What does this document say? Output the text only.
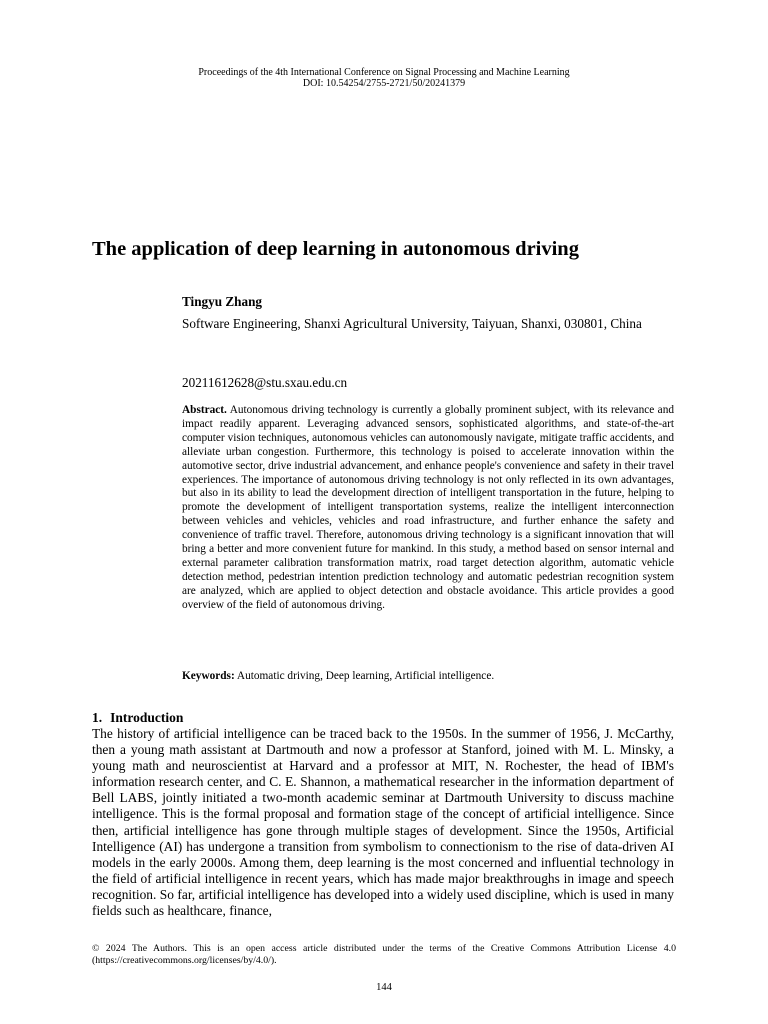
Proceedings of the 4th International Conference on Signal Processing and Machine Learning
DOI: 10.54254/2755-2721/50/20241379
The application of deep learning in autonomous driving

Tingyu Zhang

Software Engineering, Shanxi Agricultural University, Taiyuan, Shanxi, 030801, China

20211612628@stu.sxau.edu.cn

Abstract. Autonomous driving technology is currently a globally prominent subject, with its relevance and impact readily apparent. Leveraging advanced sensors, sophisticated algorithms, and state-of-the-art computer vision techniques, autonomous vehicles can autonomously navigate, mitigate traffic accidents, and alleviate urban congestion. Furthermore, this technology is poised to accelerate innovation within the automotive sector, drive industrial advancement, and enhance people's convenience and safety in their travel experiences. The importance of autonomous driving technology is not only reflected in its own advantages, but also in its ability to lead the development direction of intelligent transportation in the future, helping to promote the development of intelligent transportation systems, realize the intelligent interconnection between vehicles and vehicles, vehicles and road infrastructure, and further enhance the safety and convenience of traffic travel. Therefore, autonomous driving technology is a significant innovation that will bring a better and more convenient future for mankind. In this study, a method based on sensor internal and external parameter calibration transformation matrix, road target detection algorithm, automatic vehicle detection method, pedestrian intention prediction technology and automatic pedestrian recognition system are analyzed, which are applied to object detection and obstacle avoidance. This article provides a good overview of the field of autonomous driving.

Keywords: Automatic driving, Deep learning, Artificial intelligence.

1. Introduction

The history of artificial intelligence can be traced back to the 1950s. In the summer of 1956, J. McCarthy, then a young math assistant at Dartmouth and now a professor at Stanford, joined with M. L. Minsky, a young math and neuroscientist at Harvard and a professor at MIT, N. Rochester, the head of IBM's information research center, and C. E. Shannon, a mathematical researcher in the information department of Bell LABS, jointly initiated a two-month academic seminar at Dartmouth University to discuss machine intelligence. This is the formal proposal and formation stage of the concept of artificial intelligence. Since then, artificial intelligence has gone through multiple stages of development. Since the 1950s, Artificial Intelligence (AI) has undergone a transition from symbolism to connectionism to the rise of data-driven AI models in the early 2000s. Among them, deep learning is the most concerned and influential technology in the field of artificial intelligence in recent years, which has made major breakthroughs in image and speech recognition. So far, artificial intelligence has developed into a widely used discipline, which is used in many fields such as healthcare, finance,

© 2024 The Authors. This is an open access article distributed under the terms of the Creative Commons Attribution License 4.0 (https://creativecommons.org/licenses/by/4.0/).

144
